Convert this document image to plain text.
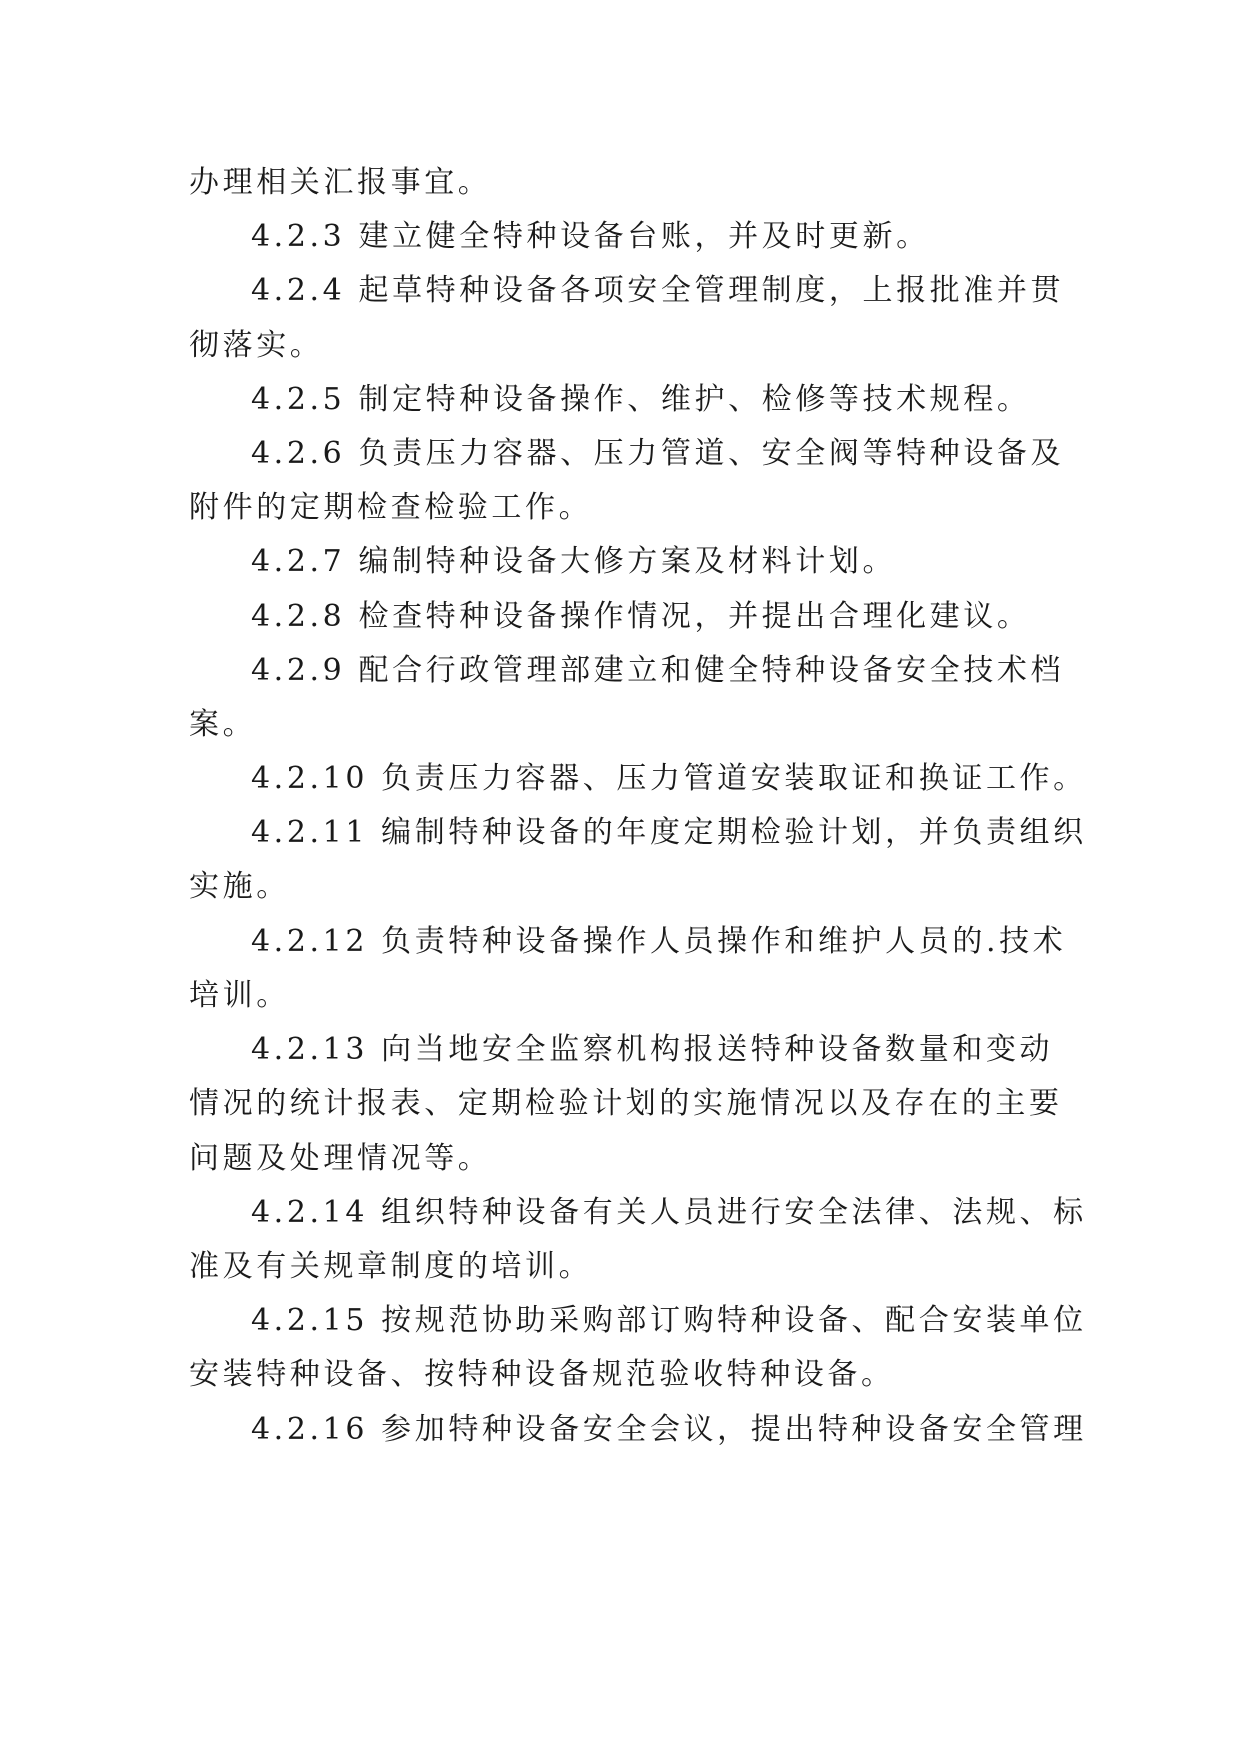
办理相关汇报事宜。
4.2.3 建立健全特种设备台账，并及时更新。
4.2.4 起草特种设备各项安全管理制度，上报批准并贯
彻落实。
4.2.5 制定特种设备操作、维护、检修等技术规程。
4.2.6 负责压力容器、压力管道、安全阀等特种设备及
附件的定期检查检验工作。
4.2.7 编制特种设备大修方案及材料计划。
4.2.8 检查特种设备操作情况，并提出合理化建议。
4.2.9 配合行政管理部建立和健全特种设备安全技术档
案。
4.2.10 负责压力容器、压力管道安装取证和换证工作。
4.2.11 编制特种设备的年度定期检验计划，并负责组织
实施。
4.2.12 负责特种设备操作人员操作和维护人员的.技术
培训。
4.2.13 向当地安全监察机构报送特种设备数量和变动
情况的统计报表、定期检验计划的实施情况以及存在的主要
问题及处理情况等。
4.2.14 组织特种设备有关人员进行安全法律、法规、标
准及有关规章制度的培训。
4.2.15 按规范协助采购部订购特种设备、配合安装单位
安装特种设备、按特种设备规范验收特种设备。
4.2.16 参加特种设备安全会议，提出特种设备安全管理
